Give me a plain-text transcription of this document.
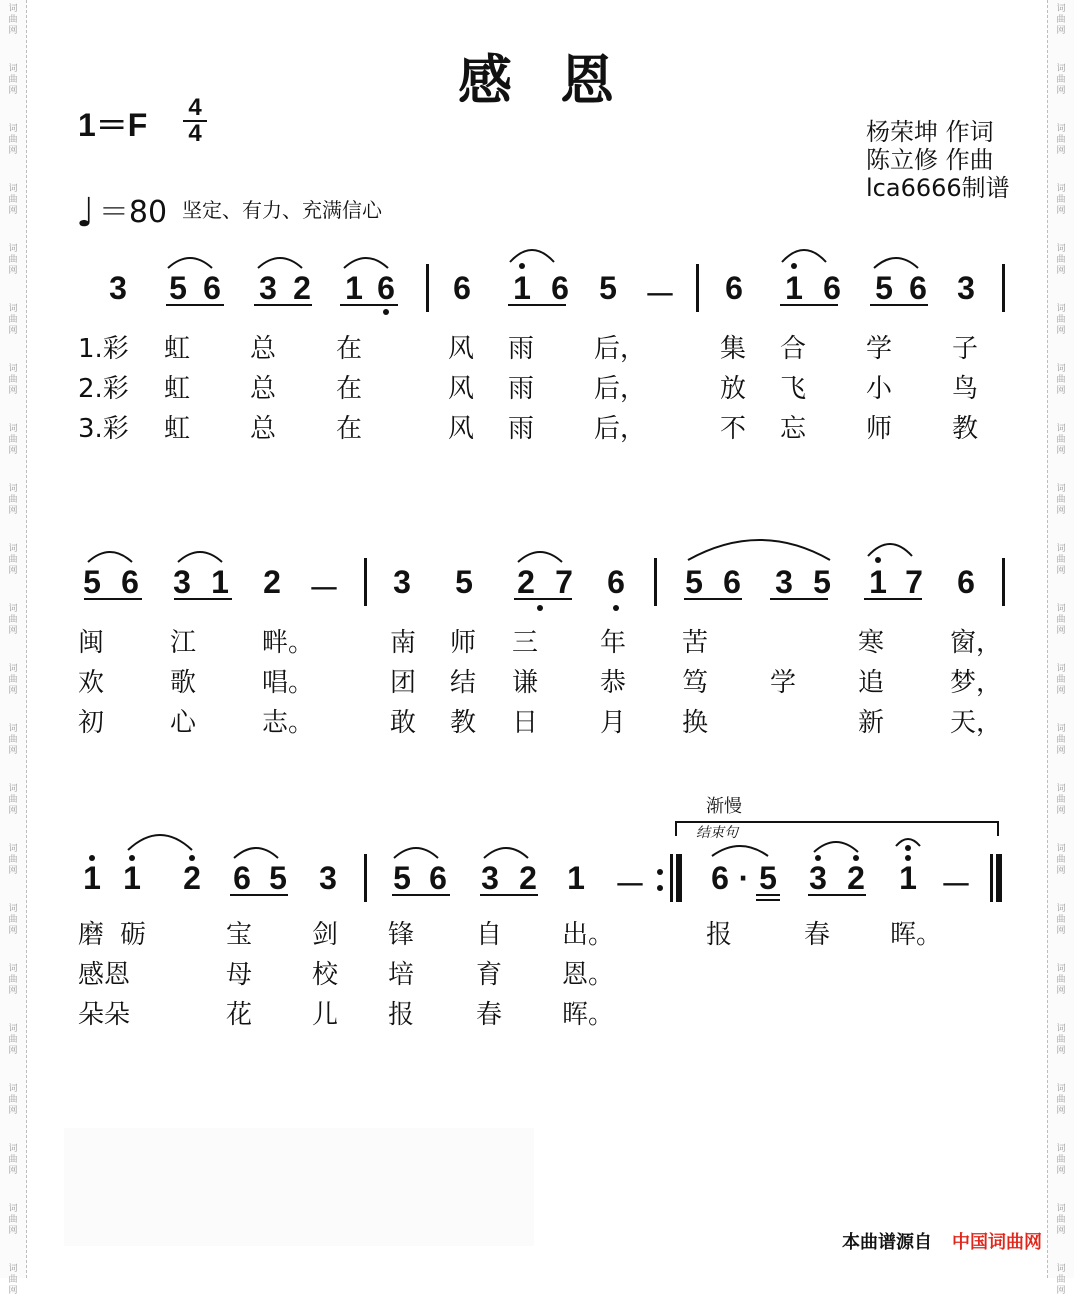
词
曲
网
词
曲
网
词
曲
网
词
曲
网
词
曲
网
词
曲
网
词
曲
网
词
曲
网
词
曲
网
词
曲
网
词
曲
网
词
曲
网
词
曲
网
词
曲
网
词
曲
网
词
曲
网
词
曲
网
词
曲
网
词
曲
网
词
曲
网
词
曲
网
词
曲
网
词
曲
网
词
曲
网
词
曲
网
词
曲
网
词
曲
网
词
曲
网
词
曲
网
词
曲
网
词
曲
网
词
曲
网
词
曲
网
词
曲
网
词
曲
网
词
曲
网
词
曲
网
词
曲
网
词
曲
网
词
曲
网
词
曲
网
词
曲
网
词
曲
网
词
曲
网
感恩
1＝F 4
4	杨荣坤 作词
陈立修 作曲
lca6666制谱
♩ ＝80 坚定、有力、充满信心
3 5 6 3 2 1 6 6 1 6 5 － 6 1 6 5 6 3
1.彩 虹 总 在	风 雨 后，	集 合 学 子
2.彩 虹 总 在	风 雨 后，	放 飞 小 鸟
3.彩 虹 总 在	风 雨 后，	不 忘 师 教
5 6 3 1 2 － 3 5 2 7 6 5 6 3 5 1 7 6
闽	江	畔。	南 师 三 年 苦	寒	窗，
欢	歌	唱。	团 结 谦 恭 笃 学 追	梦，
初	心	志。	敢 教 日 月 换	新	天，
渐慢
结束句
1 1 2 6 5 3 5 6 3 2 1 － 6 · 5 3 2 1 －
磨 砺	宝 剑 锋 自 出。	报	春 晖。
感恩	母 校 培 育 恩。
朵朵	花 儿 报 春 晖。
本曲谱源自 中国词曲网
